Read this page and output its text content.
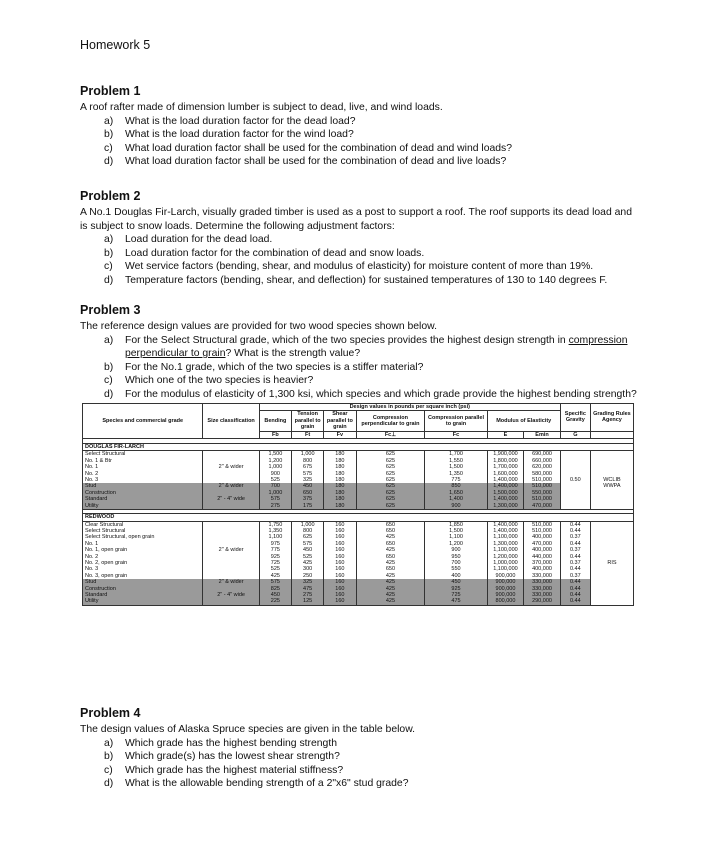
Homework 5

Problem 1

A roof rafter made of dimension lumber is subject to dead, live, and wind loads.

a) What is the load duration factor for the dead load?
b) What is the load duration factor for the wind load?
c) What load duration factor shall be used for the combination of dead and wind loads?
d) What load duration factor shall be used for the combination of dead and live loads?

Problem 2

A No.1 Douglas Fir-Larch, visually graded timber is used as a post to support a roof. The roof supports its dead load and is subject to snow loads. Determine the following adjustment factors:

a) Load duration for the dead load.
b) Load duration factor for the combination of dead and snow loads.
c) Wet service factors (bending, shear, and modulus of elasticity) for moisture content of more than 19%.
d) Temperature factors (bending, shear, and deflection) for sustained temperatures of 130 to 140 degrees F.

Problem 3

The reference design values are provided for two wood species shown below.

a) For the Select Structural grade, which of the two species provides the highest design strength in compression perpendicular to grain? What is the strength value?
b) For the No.1 grade, which of the two species is a stiffer material?
c) Which one of the two species is heavier?
d) For the modulus of elasticity of 1,300 ksi, which species and which grade provide the highest bending strength?
Species and commercial grade	Size classification	Design values in pounds per square inch (psi)							Specific Gravity	Grading Rules Agency
		Bending	Tension parallel to grain	Shear parallel to grain	Compression perpendicular to grain	Compression parallel to grain	Modulus of Elasticity			
		Fb	Ft	Fv	Fc⊥	Fc	E	Emin	G	

DOUGLAS FIR-LARCH										
Select Structural		1,500	1,000	180	625	1,700	1,900,000	690,000		
No. 1 & Btr		1,200	800	180	625	1,550	1,800,000	660,000		
No. 1	2" & wider	1,000	675	180	625	1,500	1,700,000	620,000		
No. 2		900	575	180	625	1,350	1,600,000	580,000		
No. 3		525	325	180	625	775	1,400,000	510,000	0.50	WCLIB
Stud	2" & wider	700	450	180	625	850	1,400,000	510,000		WWPA
Construction		1,000	650	180	625	1,650	1,500,000	550,000		
Standard	2" - 4" wide	575	375	180	625	1,400	1,400,000	510,000		
Utility		275	175	180	625	900	1,300,000	470,000		

REDWOOD										
Clear Structural		1,750	1,000	160	650	1,850	1,400,000	510,000	0.44	
Select Structural		1,350	800	160	650	1,500	1,400,000	510,000	0.44	
Select Structural, open grain		1,100	625	160	425	1,100	1,100,000	400,000	0.37	
No. 1		975	575	160	650	1,200	1,300,000	470,000	0.44	
No. 1, open grain	2" & wider	775	450	160	425	900	1,100,000	400,000	0.37	
No. 2		925	525	160	650	950	1,200,000	440,000	0.44	
No. 2, open grain		725	425	160	425	700	1,000,000	370,000	0.37	RIS
No. 3		525	300	160	650	550	1,100,000	400,000	0.44	
No. 3, open grain		425	250	160	425	400	900,000	330,000	0.37	
Stud	2" & wider	575	325	160	425	450	900,000	330,000	0.44	
Construction		825	475	160	425	925	900,000	330,000	0.44	
Standard	2" - 4" wide	450	275	160	425	725	900,000	330,000	0.44	
Utility		225	125	160	425	475	800,000	290,000	0.44	

Problem 4

The design values of Alaska Spruce species are given in the table below.

a) Which grade has the highest bending strength
b) Which grade(s) has the lowest shear strength?
c) Which grade has the highest material stiffness?
d) What is the allowable bending strength of a 2"x6" stud grade?
